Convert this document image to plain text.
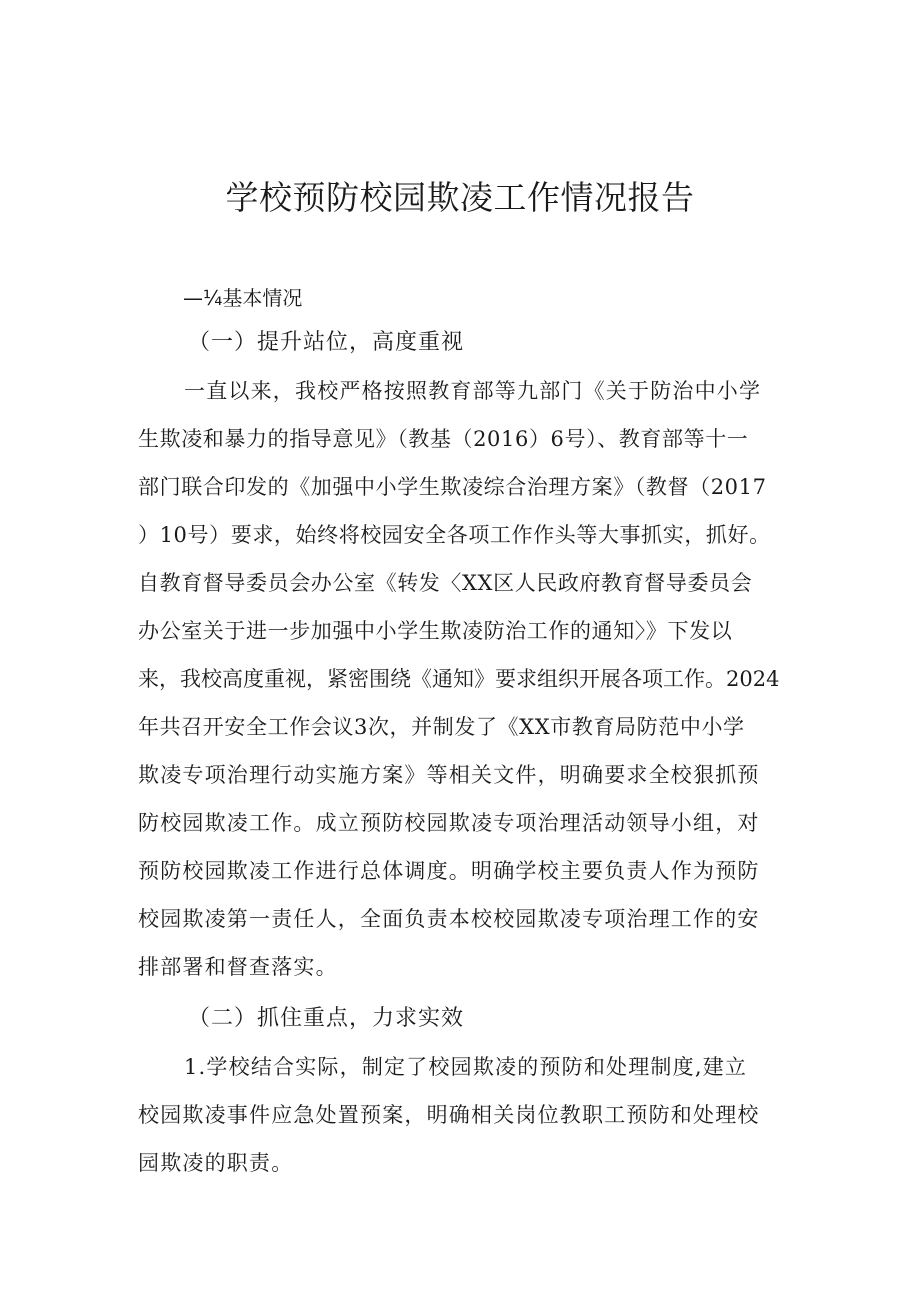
学校预防校园欺凌工作情况报告
—¼基本情况
（一）提升站位，高度重视

一直以来，我校严格按照教育部等九部门《关于防治中小学

生欺凌和暴力的指导意见》（教基（2016）6号）、教育部等十一

部门联合印发的《加强中小学生欺凌综合治理方案》（教督（2017

）10号）要求，始终将校园安全各项工作作头等大事抓实，抓好。

自教育督导委员会办公室《转发〈XX区人民政府教育督导委员会

办公室关于进一步加强中小学生欺凌防治工作的通知〉》下发以

来，我校高度重视，紧密围绕《通知》要求组织开展各项工作。2024

年共召开安全工作会议3次，并制发了《XX市教育局防范中小学

欺凌专项治理行动实施方案》等相关文件，明确要求全校狠抓预

防校园欺凌工作。成立预防校园欺凌专项治理活动领导小组，对

预防校园欺凌工作进行总体调度。明确学校主要负责人作为预防

校园欺凌第一责任人，全面负责本校校园欺凌专项治理工作的安

排部署和督查落实。

（二）抓住重点，力求实效

1.学校结合实际，制定了校园欺凌的预防和处理制度,建立

校园欺凌事件应急处置预案，明确相关岗位教职工预防和处理校

园欺凌的职责。
